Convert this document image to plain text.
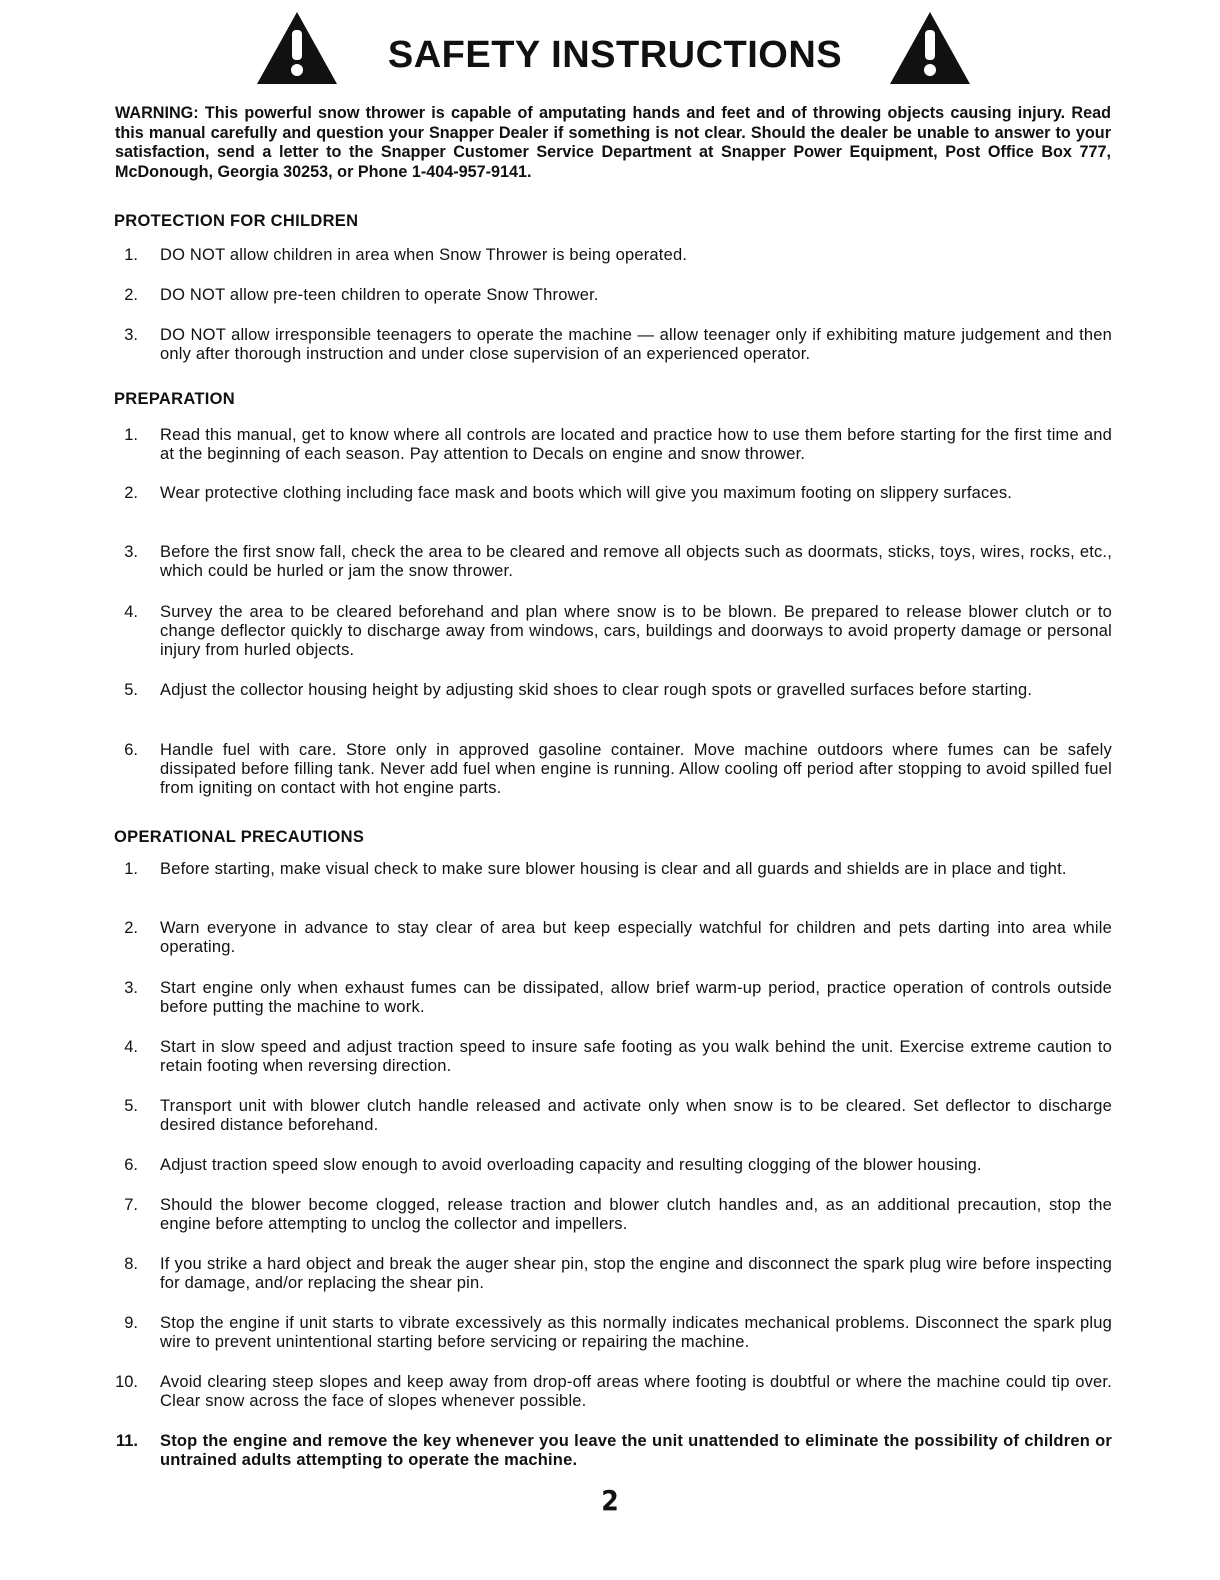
SAFETY INSTRUCTIONS
WARNING: This powerful snow thrower is capable of amputating hands and feet and of throwing objects causing injury. Read this manual carefully and question your Snapper Dealer if something is not clear. Should the dealer be unable to answer to your satisfaction, send a letter to the Snapper Customer Service Department at Snapper Power Equipment, Post Office Box 777, McDonough, Georgia 30253, or Phone 1-404-957-9141.
PROTECTION FOR CHILDREN
1. DO NOT allow children in area when Snow Thrower is being operated.
2. DO NOT allow pre-teen children to operate Snow Thrower.
3. DO NOT allow irresponsible teenagers to operate the machine — allow teenager only if exhibiting mature judgement and then only after thorough instruction and under close supervision of an experienced operator.
PREPARATION
1. Read this manual, get to know where all controls are located and practice how to use them before starting for the first time and at the beginning of each season. Pay attention to Decals on engine and snow thrower.
2. Wear protective clothing including face mask and boots which will give you maximum footing on slippery surfaces.
3. Before the first snow fall, check the area to be cleared and remove all objects such as doormats, sticks, toys, wires, rocks, etc., which could be hurled or jam the snow thrower.
4. Survey the area to be cleared beforehand and plan where snow is to be blown. Be prepared to release blower clutch or to change deflector quickly to discharge away from windows, cars, buildings and doorways to avoid property damage or personal injury from hurled objects.
5. Adjust the collector housing height by adjusting skid shoes to clear rough spots or gravelled surfaces before starting.
6. Handle fuel with care. Store only in approved gasoline container. Move machine outdoors where fumes can be safely dissipated before filling tank. Never add fuel when engine is running. Allow cooling off period after stopping to avoid spilled fuel from igniting on contact with hot engine parts.
OPERATIONAL PRECAUTIONS
1. Before starting, make visual check to make sure blower housing is clear and all guards and shields are in place and tight.
2. Warn everyone in advance to stay clear of area but keep especially watchful for children and pets darting into area while operating.
3. Start engine only when exhaust fumes can be dissipated, allow brief warm-up period, practice operation of controls outside before putting the machine to work.
4. Start in slow speed and adjust traction speed to insure safe footing as you walk behind the unit. Exercise extreme caution to retain footing when reversing direction.
5. Transport unit with blower clutch handle released and activate only when snow is to be cleared. Set deflector to discharge desired distance beforehand.
6. Adjust traction speed slow enough to avoid overloading capacity and resulting clogging of the blower housing.
7. Should the blower become clogged, release traction and blower clutch handles and, as an additional precaution, stop the engine before attempting to unclog the collector and impellers.
8. If you strike a hard object and break the auger shear pin, stop the engine and disconnect the spark plug wire before inspecting for damage, and/or replacing the shear pin.
9. Stop the engine if unit starts to vibrate excessively as this normally indicates mechanical problems. Disconnect the spark plug wire to prevent unintentional starting before servicing or repairing the machine.
10. Avoid clearing steep slopes and keep away from drop-off areas where footing is doubtful or where the machine could tip over. Clear snow across the face of slopes whenever possible.
11. Stop the engine and remove the key whenever you leave the unit unattended to eliminate the possibility of children or untrained adults attempting to operate the machine.
2
